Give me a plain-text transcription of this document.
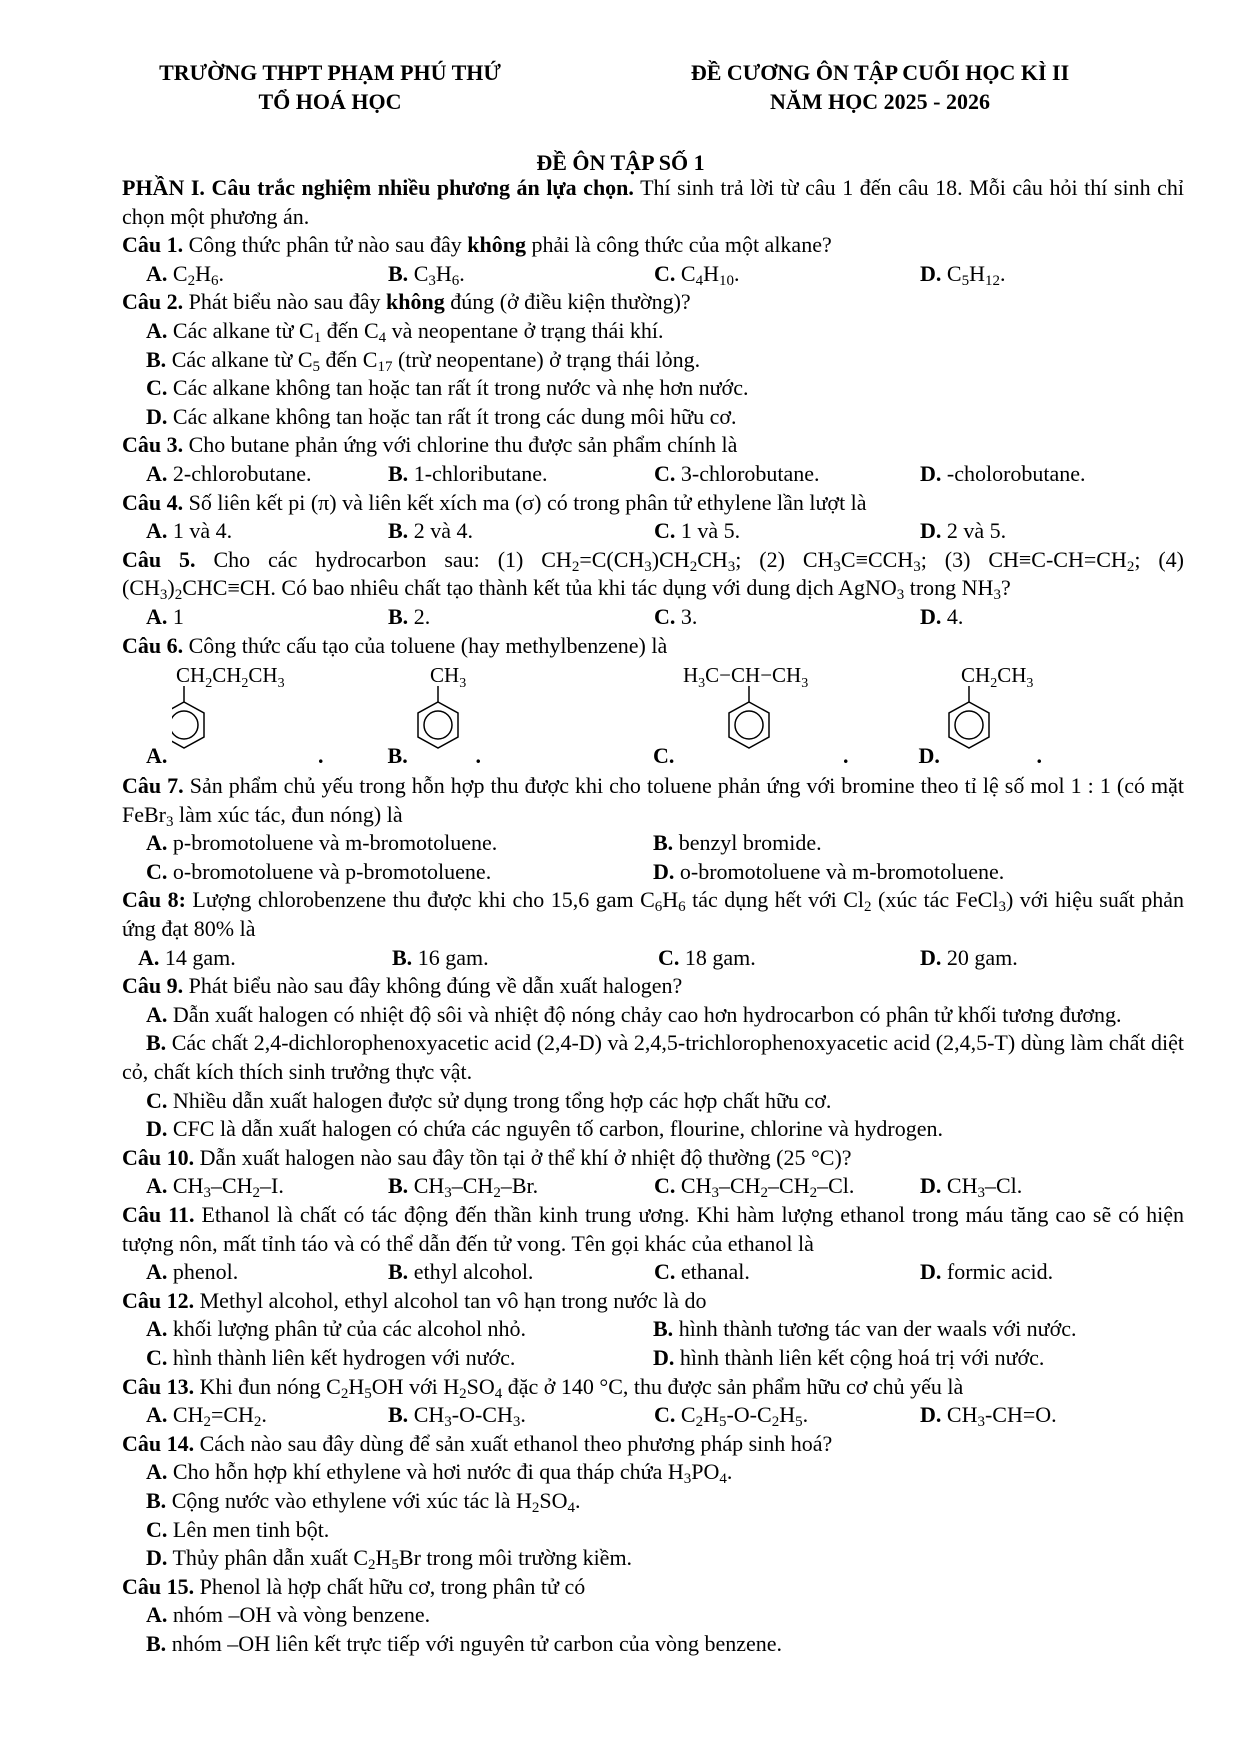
TRƯỜNG THPT PHẠM PHÚ THỨ
TỔ HOÁ HỌC
ĐỀ CƯƠNG ÔN TẬP CUỐI HỌC KÌ II
NĂM HỌC 2025 - 2026
ĐỀ ÔN TẬP SỐ 1

PHẦN I. Câu trắc nghiệm nhiều phương án lựa chọn. Thí sinh trả lời từ câu 1 đến câu 18. Mỗi câu hỏi thí sinh chỉ chọn một phương án.

Câu 1. Công thức phân tử nào sau đây không phải là công thức của một alkane?

A. $C_2H_6$.	B. $C_3H_6$.	C. $C_4H_{10}$.	D. $C_5H_{12}$.

Câu 2. Phát biểu nào sau đây không đúng (ở điều kiện thường)?

A. Các alkane từ $C_1$ đến $C_4$ và neopentane ở trạng thái khí.

B. Các alkane từ $C_5$ đến $C_{17}$ (trừ neopentane) ở trạng thái lỏng.

C. Các alkane không tan hoặc tan rất ít trong nước và nhẹ hơn nước.

D. Các alkane không tan hoặc tan rất ít trong các dung môi hữu cơ.

Câu 3. Cho butane phản ứng với chlorine thu được sản phẩm chính là

A. 2-chlorobutane.	B. 1-chloributane.	C. 3-chlorobutane.	D. -cholorobutane.

Câu 4. Số liên kết pi (π) và liên kết xích ma (σ) có trong phân tử ethylene lần lượt là

A. 1 và 4.	B. 2 và 4.	C. 1 và 5.	D. 2 và 5.

Câu 5. Cho các hydrocarbon sau: (1) $CH_2=C(CH_3)CH_2CH_3$; (2) $CH_3C\equiv CCH_3$; (3) $CH\equiv C-CH=CH_2$; (4) $(CH_3)_2CHC\equiv CH$. Có bao nhiêu chất tạo thành kết tủa khi tác dụng với dung dịch AgNO$_3$ trong $NH_3$?

A. 1	B. 2.	C. 3.	D. 4.

Câu 6. Công thức cấu tạo của toluene (hay methylbenzene) là

A.
$CH_2CH_2CH_3$
.	B.
$CH_3$
.	C.
$H_3C-CH-CH_3$
.	D.
$CH_2CH_3$
.

Câu 7. Sản phẩm chủ yếu trong hỗn hợp thu được khi cho toluene phản ứng với bromine theo tỉ lệ số mol 1 : 1 (có mặt FeBr$_3$ làm xúc tác, đun nóng) là

A. p-bromotoluene và m-bromotoluene.	B. benzyl bromide.
C. o-bromotoluene và p-bromotoluene.	D. o-bromotoluene và m-bromotoluene.

Câu 8: Lượng chlorobenzene thu được khi cho 15,6 gam $C_6H_6$ tác dụng hết với $Cl_2$ (xúc tác FeCl$_3$) với hiệu suất phản ứng đạt 80% là

A. 14 gam.	B. 16 gam.	C. 18 gam.	D. 20 gam.

Câu 9. Phát biểu nào sau đây không đúng về dẫn xuất halogen?

A. Dẫn xuất halogen có nhiệt độ sôi và nhiệt độ nóng chảy cao hơn hydrocarbon có phân tử khối tương đương.

B. Các chất 2,4-dichlorophenoxyacetic acid (2,4-D) và 2,4,5-trichlorophenoxyacetic acid (2,4,5-T) dùng làm chất diệt cỏ, chất kích thích sinh trưởng thực vật.

C. Nhiều dẫn xuất halogen được sử dụng trong tổng hợp các hợp chất hữu cơ.

D. CFC là dẫn xuất halogen có chứa các nguyên tố carbon, flourine, chlorine và hydrogen.

Câu 10. Dẫn xuất halogen nào sau đây tồn tại ở thể khí ở nhiệt độ thường (25 °C)?

A. $CH_3-CH_2-I$.	B. $CH_3-CH_2-Br$.	C. $CH_3-CH_2-CH_2-Cl$.	D. $CH_3-Cl$.

Câu 11. Ethanol là chất có tác động đến thần kinh trung ương. Khi hàm lượng ethanol trong máu tăng cao sẽ có hiện tượng nôn, mất tỉnh táo và có thể dẫn đến tử vong. Tên gọi khác của ethanol là

A. phenol.	B. ethyl alcohol.	C. ethanal.	D. formic acid.

Câu 12. Methyl alcohol, ethyl alcohol tan vô hạn trong nước là do

A. khối lượng phân tử của các alcohol nhỏ.	B. hình thành tương tác van der waals với nước.
C. hình thành liên kết hydrogen với nước.	D. hình thành liên kết cộng hoá trị với nước.

Câu 13. Khi đun nóng $C_2H_5OH$ với $H_2SO_4$ đặc ở 140 °C, thu được sản phẩm hữu cơ chủ yếu là

A. $CH_2=CH_2$.	B. $CH_3-O-CH_3$.	C. $C_2H_5-O-C_2H_5$.	D. $CH_3-CH=O$.

Câu 14. Cách nào sau đây dùng để sản xuất ethanol theo phương pháp sinh hoá?

A. Cho hỗn hợp khí ethylene và hơi nước đi qua tháp chứa $H_3PO_4$.

B. Cộng nước vào ethylene với xúc tác là $H_2SO_4$.

C. Lên men tinh bột.

D. Thủy phân dẫn xuất $C_2H_5Br$ trong môi trường kiềm.

Câu 15. Phenol là hợp chất hữu cơ, trong phân tử có

A. nhóm –OH và vòng benzene.

B. nhóm –OH liên kết trực tiếp với nguyên tử carbon của vòng benzene.
